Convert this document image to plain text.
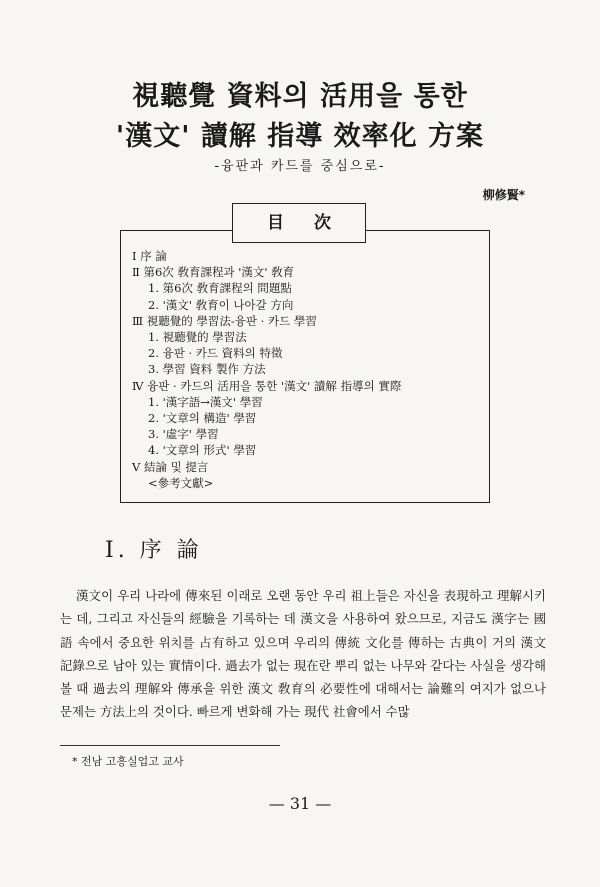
視聽覺 資料의 活用을 통한
'漢文' 讀解 指導 效率化 方案
-융판과 카드를 중심으로-
柳修賢*
目次
Ⅰ 序 論
Ⅱ 第6次 敎育課程과 '漢文' 敎育
1. 第6次 敎育課程의 問題點
2. '漢文' 敎育이 나아갈 方向
Ⅲ 視聽覺的 學習法-융판 · 카드 學習
1. 視聽覺的 學習法
2. 융판 · 카드 資料의 特徵
3. 學習 資料 製作 方法
Ⅳ 융판 · 카드의 活用을 통한 '漢文' 讀解 指導의 實際
1. '漢字語→漢文' 學習
2. '文章의 構造' 學習
3. '虛字' 學習
4. '文章의 形式' 學習
Ⅴ 結論 및 提言
<參考文獻>
Ⅰ. 序 論
漢文이 우리 나라에 傳來된 이래로 오랜 동안 우리 祖上들은 자신을 表現하고 理解시키는 데, 그리고 자신들의 經驗을 기록하는 데 漢文을 사용하여 왔으므로, 지금도 漢字는 國語 속에서 중요한 위치를 占有하고 있으며 우리의 傳統 文化를 傳하는 古典이 거의 漢文 記錄으로 남아 있는 實情이다. 過去가 없는 現在란 뿌리 없는 나무와 같다는 사실을 생각해 볼 때 過去의 理解와 傳承을 위한 漢文 敎育의 必要性에 대해서는 論難의 여지가 없으나 문제는 方法上의 것이다. 빠르게 변화해 가는 現代 社會에서 수많
* 전남 고흥실업고 교사
— 31 —
